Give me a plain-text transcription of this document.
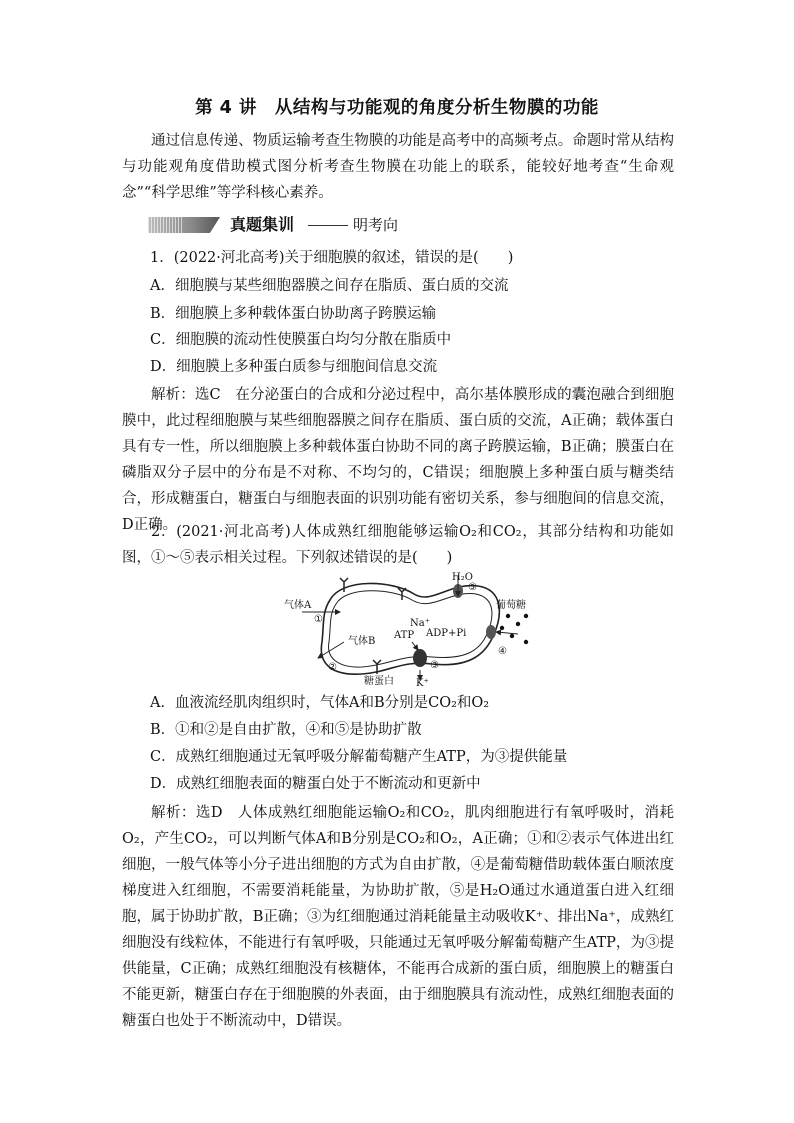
第 4 讲　从结构与功能观的角度分析生物膜的功能

通过信息传递、物质运输考查生物膜的功能是高考中的高频考点。命题时常从结构与功能观角度借助模式图分析考查生物膜在功能上的联系，能较好地考查“生命观念”“科学思维”等学科核心素养。

真题集训	明考向
1．(2022·河北高考)关于细胞膜的叙述，错误的是(　　)
A．细胞膜与某些细胞器膜之间存在脂质、蛋白质的交流
B．细胞膜上多种载体蛋白协助离子跨膜运输
C．细胞膜的流动性使膜蛋白均匀分散在脂质中
D．细胞膜上多种蛋白质参与细胞间信息交流

解析：选C　在分泌蛋白的合成和分泌过程中，高尔基体膜形成的囊泡融合到细胞膜中，此过程细胞膜与某些细胞器膜之间存在脂质、蛋白质的交流，A正确；载体蛋白具有专一性，所以细胞膜上多种载体蛋白协助不同的离子跨膜运输，B正确；膜蛋白在磷脂双分子层中的分布是不对称、不均匀的，C错误；细胞膜上多种蛋白质与糖类结合，形成糖蛋白，糖蛋白与细胞表面的识别功能有密切关系，参与细胞间的信息交流，D正确。

2．(2021·河北高考)人体成熟红细胞能够运输O₂和CO₂，其部分结构和功能如图，①～⑤表示相关过程。下列叙述错误的是(　　)

气体A
气体B
H₂O
葡萄糖
Na⁺
ATP ADP+Pi
K⁺
糖蛋白
①
②	③
④
⑤
A．血液流经肌肉组织时，气体A和B分别是CO₂和O₂
B．①和②是自由扩散，④和⑤是协助扩散
C．成熟红细胞通过无氧呼吸分解葡萄糖产生ATP，为③提供能量
D．成熟红细胞表面的糖蛋白处于不断流动和更新中

解析：选D　人体成熟红细胞能运输O₂和CO₂，肌肉细胞进行有氧呼吸时，消耗O₂，产生CO₂，可以判断气体A和B分别是CO₂和O₂，A正确；①和②表示气体进出红细胞，一般气体等小分子进出细胞的方式为自由扩散，④是葡萄糖借助载体蛋白顺浓度梯度进入红细胞，不需要消耗能量，为协助扩散，⑤是H₂O通过水通道蛋白进入红细胞，属于协助扩散，B正确；③为红细胞通过消耗能量主动吸收K⁺、排出Na⁺，成熟红细胞没有线粒体，不能进行有氧呼吸，只能通过无氧呼吸分解葡萄糖产生ATP，为③提供能量，C正确；成熟红细胞没有核糖体，不能再合成新的蛋白质，细胞膜上的糖蛋白不能更新，糖蛋白存在于细胞膜的外表面，由于细胞膜具有流动性，成熟红细胞表面的糖蛋白也处于不断流动中，D错误。
